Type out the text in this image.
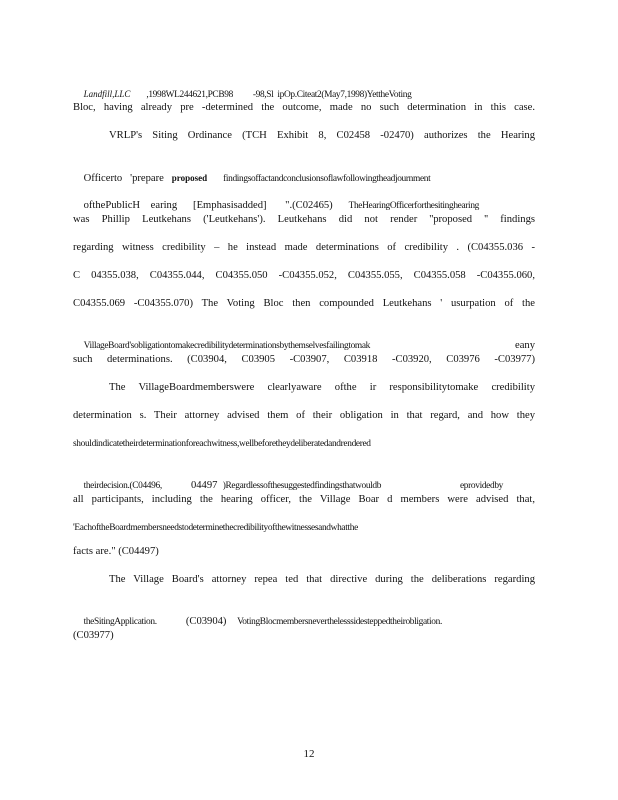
Landfill,LLC        ,1998WL244621,PCB98          -98,Sl  ipOp.Citeat2(May7,1998)YettheVoting

Bloc, having already pre -determined the outcome, made no such determination in this case.
VRLP's Siting Ordinance (TCH Exhibit 8, C02458 -02470) authorizes the Hearing

Officerto   'prepare   proposed        findingsoffactandconclusionsoflawfollowingtheadjournment

ofthePublicH    earing      [Emphasisadded]       ".(C02465)      TheHearingOfficerforthesitinghearing

was Phillip Leutkehans ('Leutkehans'). Leutkehans did not render ''proposed '' findings
regarding witness credibility – he instead made determinations of credibility . (C04355.036 -
C 04355.038, C04355.044, C04355.050 -C04355.052, C04355.055, C04355.058 -C04355.060,
C04355.069 -C04355.070) The Voting Bloc then compounded Leutkehans ' usurpation of the

VillageBoard'sobligationtomakecredibilitydeterminationsbythemselvesfailingtomak	eany

such determinations. (C03904, C03905 -C03907, C03918 -C03920, C03976 -C03977)
The VillageBoardmemberswere clearlyaware ofthe ir responsibilitytomake credibility
determination s. Their attorney advised them of their obligation in that regard, and how they
shouldindicatetheirdeterminationforeachwitness,wellbeforetheydeliberatedandrendered

theirdecision.(C04496,           04497  )Regardlessofthesuggestedfindingsthatwouldb	eprovidedby

all participants, including the hearing officer, the Village Boar d members were advised that,
'EachoftheBoardmembersneedstodeterminethecredibilityofthewitnessesandwhatthe
facts are." (C04497)
The Village Board's attorney repea ted that directive during the deliberations regarding

theSitingApplication.           (C03904)    VotingBlocmembersneverthelesssidesteppedtheirobligation.

(C03977)
12
